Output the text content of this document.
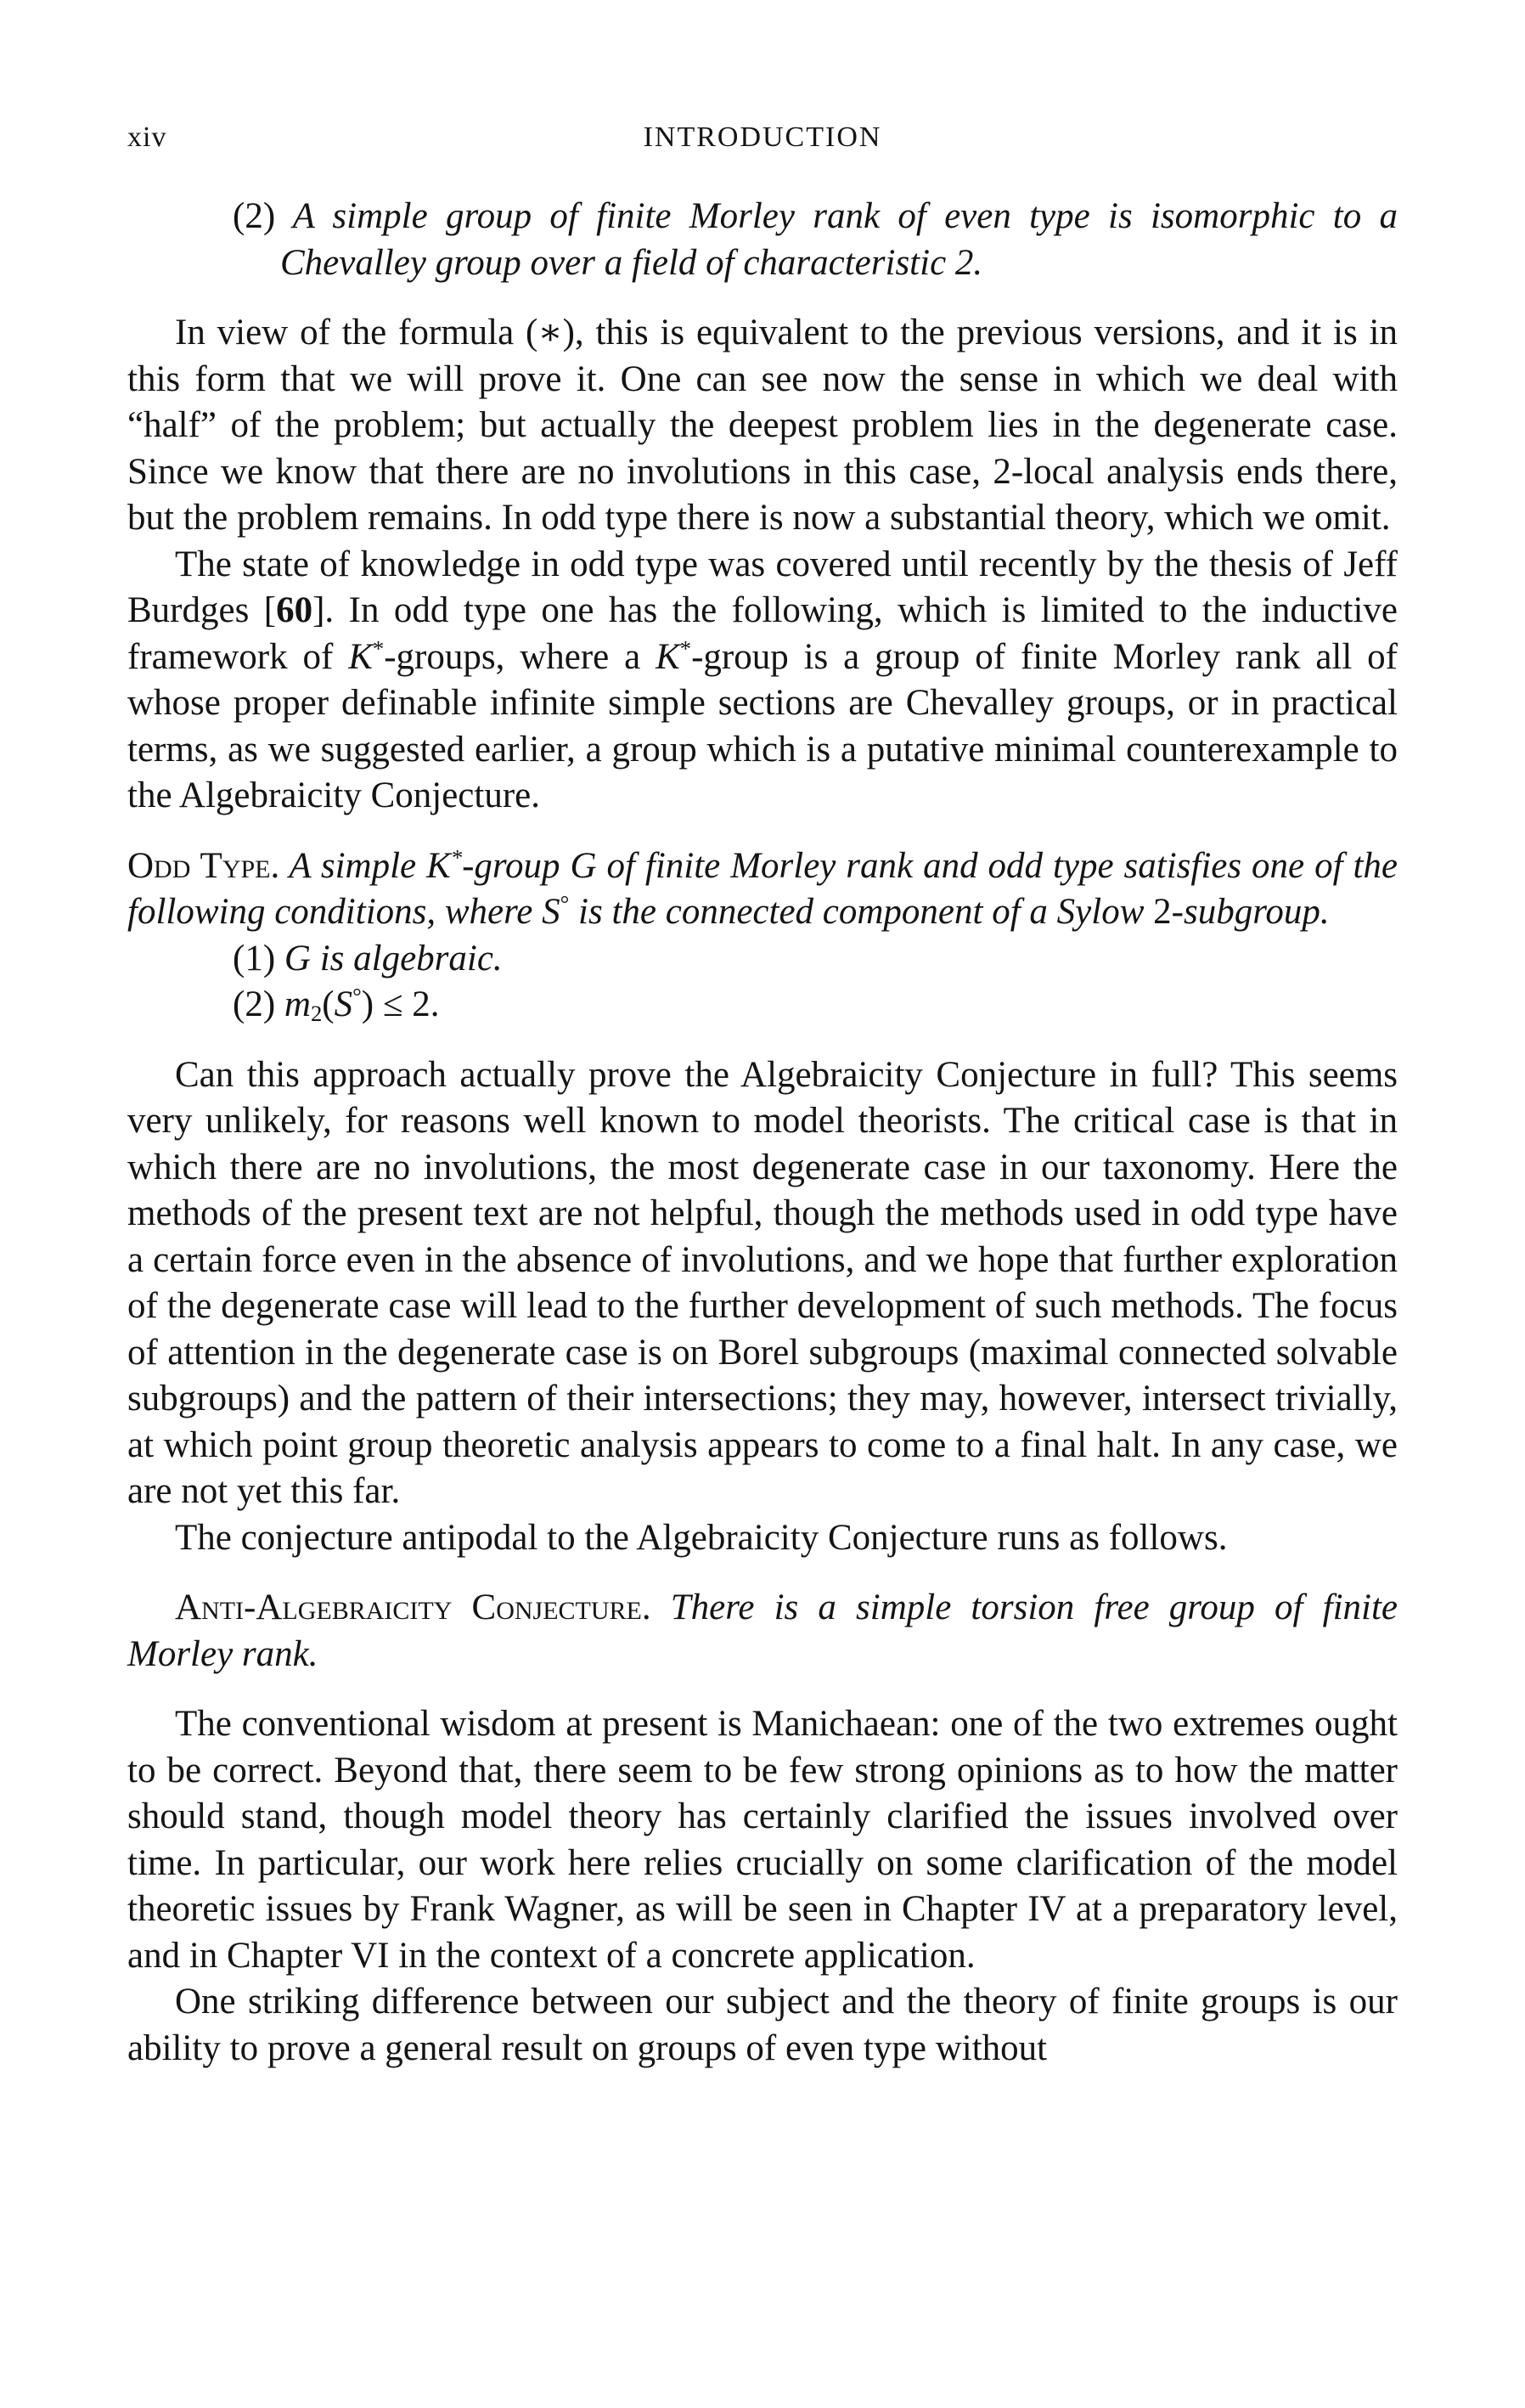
xiv	INTRODUCTION

(2) A simple group of finite Morley rank of even type is isomorphic to a Chevalley group over a field of characteristic 2.

In view of the formula (∗), this is equivalent to the previous versions, and it is in this form that we will prove it. One can see now the sense in which we deal with “half” of the problem; but actually the deepest problem lies in the degenerate case. Since we know that there are no involutions in this case, 2-local analysis ends there, but the problem remains. In odd type there is now a substantial theory, which we omit.

The state of knowledge in odd type was covered until recently by the thesis of Jeff Burdges [60]. In odd type one has the following, which is limited to the inductive framework of K*-groups, where a K*-group is a group of finite Morley rank all of whose proper definable infinite simple sections are Chevalley groups, or in practical terms, as we suggested earlier, a group which is a putative minimal counterexample to the Algebraicity Conjecture.

Odd Type. A simple K*-group G of finite Morley rank and odd type satisfies one of the following conditions, where S° is the connected component of a Sylow 2-subgroup.

(1) G is algebraic.

(2) $m_2(S^\circ) \le 2$.

Can this approach actually prove the Algebraicity Conjecture in full? This seems very unlikely, for reasons well known to model theorists. The critical case is that in which there are no involutions, the most degenerate case in our taxonomy. Here the methods of the present text are not helpful, though the methods used in odd type have a certain force even in the absence of involutions, and we hope that further exploration of the degenerate case will lead to the further development of such methods. The focus of attention in the degenerate case is on Borel subgroups (maximal connected solvable subgroups) and the pattern of their intersections; they may, however, intersect trivially, at which point group theoretic analysis appears to come to a final halt. In any case, we are not yet this far.

The conjecture antipodal to the Algebraicity Conjecture runs as follows.

Anti-Algebraicity Conjecture. There is a simple torsion free group of finite Morley rank.

The conventional wisdom at present is Manichaean: one of the two extremes ought to be correct. Beyond that, there seem to be few strong opinions as to how the matter should stand, though model theory has certainly clarified the issues involved over time. In particular, our work here relies crucially on some clarification of the model theoretic issues by Frank Wagner, as will be seen in Chapter IV at a preparatory level, and in Chapter VI in the context of a concrete application.

One striking difference between our subject and the theory of finite groups is our ability to prove a general result on groups of even type without
